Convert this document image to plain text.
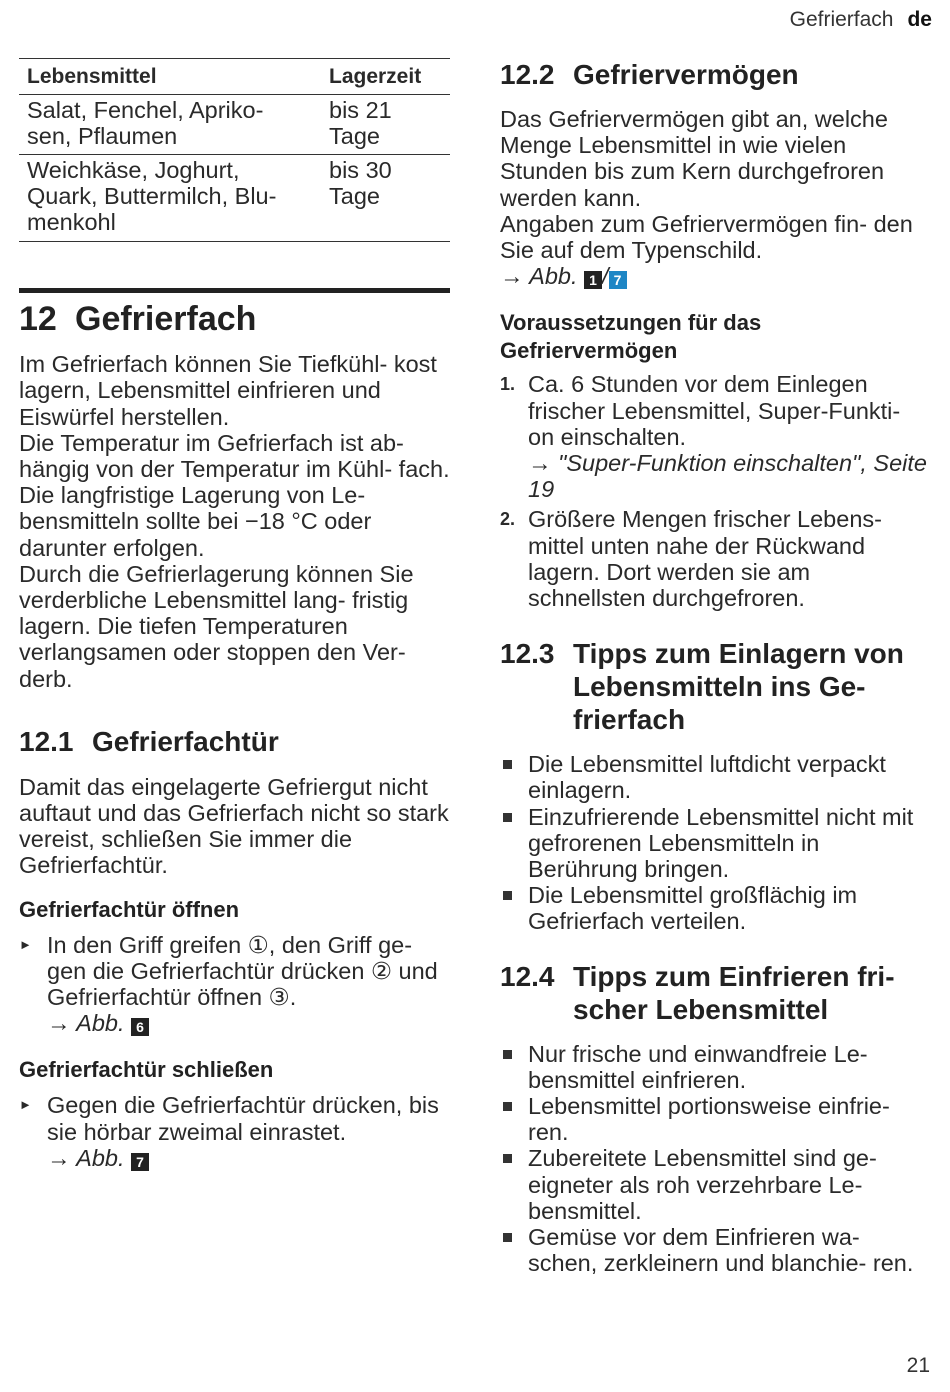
Gefrierfach de
Lebensmittel	Lagerzeit
Salat, Fenchel, Apriko- sen, Pflaumen	bis 21 Tage
Weichkäse, Joghurt, Quark, Buttermilch, Blu- menkohl	bis 30 Tage
12 Gefrierfach

Im Gefrierfach können Sie Tiefkühl- kost lagern, Lebensmittel einfrieren und Eiswürfel herstellen.

Die Temperatur im Gefrierfach ist ab- hängig von der Temperatur im Kühl- fach.

Die langfristige Lagerung von Le- bensmitteln sollte bei −18 °C oder darunter erfolgen.

Durch die Gefrierlagerung können Sie verderbliche Lebensmittel lang- fristig lagern. Die tiefen Temperaturen verlangsamen oder stoppen den Ver- derb.

12.1 Gefrierfachtür

Damit das eingelagerte Gefriergut nicht auftaut und das Gefrierfach nicht so stark vereist, schließen Sie immer die Gefrierfachtür.

Gefrierfachtür öffnen
► In den Griff greifen ①, den Griff ge- gen die Gefrierfachtür drücken ② und Gefrierfachtür öffnen ③.
→ Abb. 6
Gefrierfachtür schließen
► Gegen die Gefrierfachtür drücken, bis sie hörbar zweimal einrastet.
→ Abb. 7
12.2 Gefriervermögen

Das Gefriervermögen gibt an, welche Menge Lebensmittel in wie vielen Stunden bis zum Kern durchgefroren werden kann.

Angaben zum Gefriervermögen fin- den Sie auf dem Typenschild.

→ Abb. 1 / 7

Voraussetzungen für das Gefriervermögen
1. Ca. 6 Stunden vor dem Einlegen frischer Lebensmittel, Super-Funkti- on einschalten.
→ "Super-Funktion einschalten", Seite 19
2. Größere Mengen frischer Lebens- mittel unten nahe der Rückwand lagern. Dort werden sie am schnellsten durchgefroren.
12.3 Tipps zum Einlagern von Lebensmitteln ins Ge- frierfach
Die Lebensmittel luftdicht verpackt einlagern.
Einzufrierende Lebensmittel nicht mit gefrorenen Lebensmitteln in Berührung bringen.
Die Lebensmittel großflächig im Gefrierfach verteilen.
12.4 Tipps zum Einfrieren fri- scher Lebensmittel
Nur frische und einwandfreie Le- bensmittel einfrieren.
Lebensmittel portionsweise einfrie- ren.
Zubereitete Lebensmittel sind ge- eigneter als roh verzehrbare Le- bensmittel.
Gemüse vor dem Einfrieren wa- schen, zerkleinern und blanchie- ren.
21
